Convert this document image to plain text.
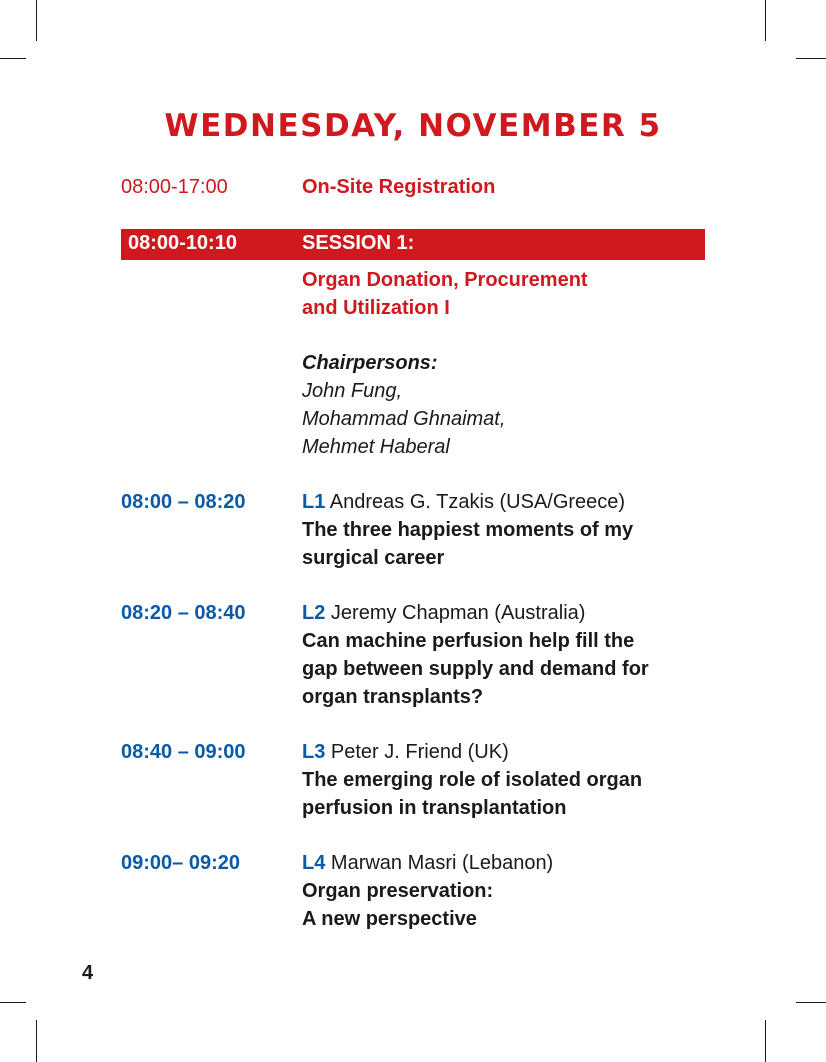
WEDNESDAY, NOVEMBER 5
08:00-17:00	On-Site Registration
08:00-10:10	SESSION 1:
Organ Donation, Procurement
and Utilization I
Chairpersons:
John Fung,
Mohammad Ghnaimat,
Mehmet Haberal
08:00 – 08:20	L1 Andreas G. Tzakis (USA/Greece)
The three happiest moments of my
surgical career
08:20 – 08:40	L2 Jeremy Chapman (Australia)
Can machine perfusion help fill the
gap between supply and demand for
organ transplants?
08:40 – 09:00	L3 Peter J. Friend (UK)
The emerging role of isolated organ
perfusion in transplantation
09:00– 09:20	L4 Marwan Masri (Lebanon)
Organ preservation:
A new perspective
4
